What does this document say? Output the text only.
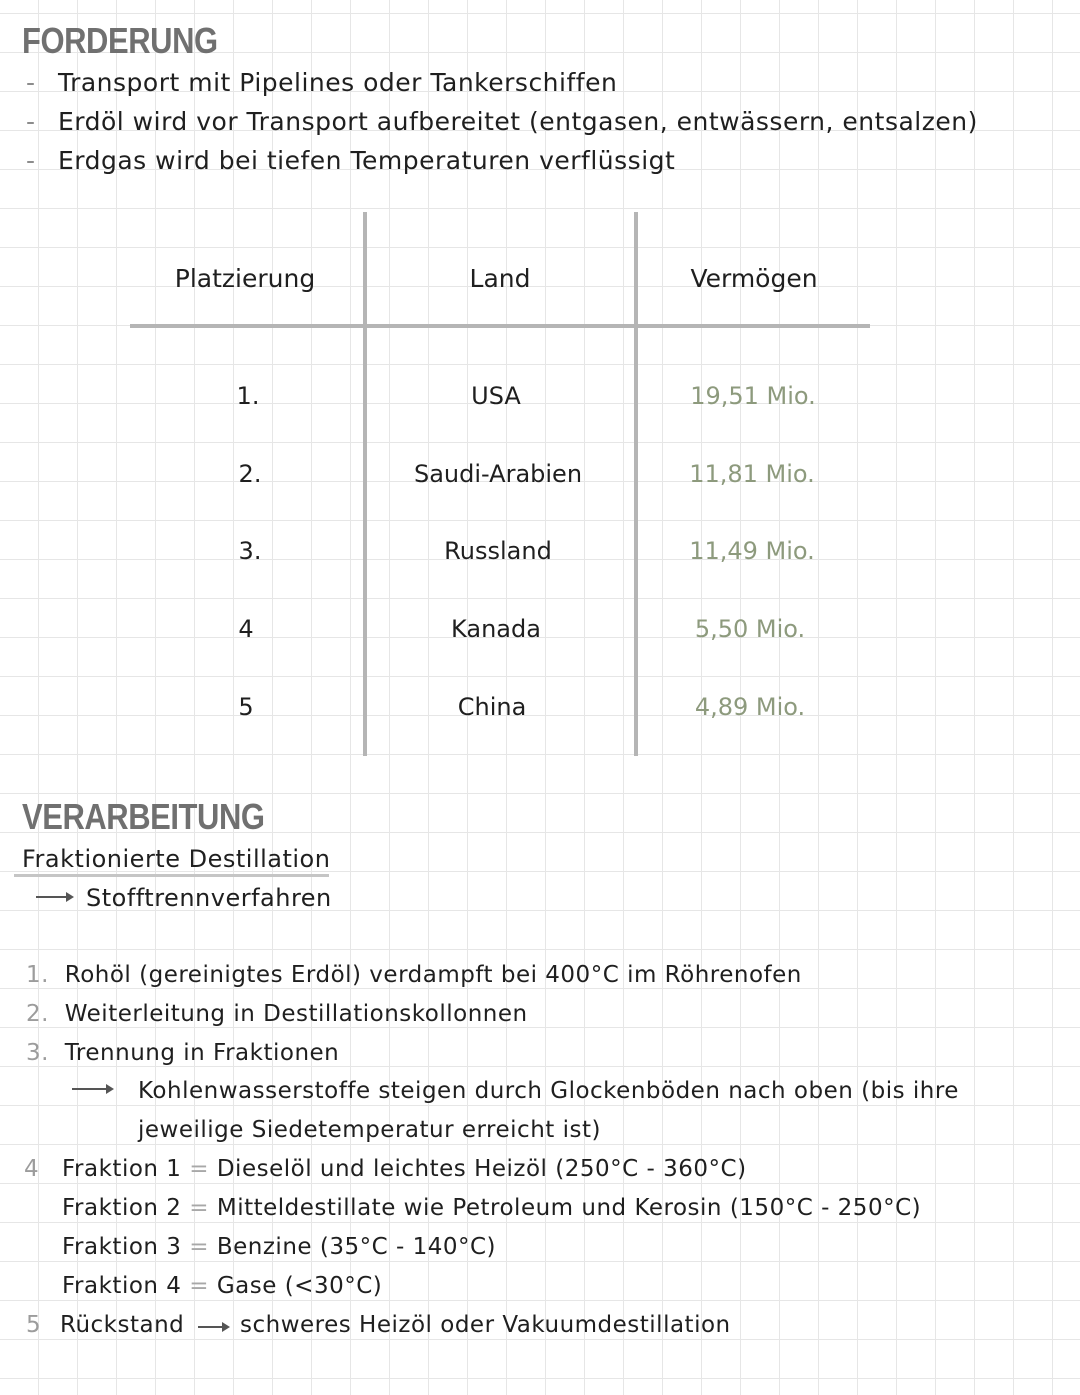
FORDERUNG
- Transport mit Pipelines oder Tankerschiffen
- Erdöl wird vor Transport aufbereitet (entgasen, entwässern, entsalzen)
- Erdgas wird bei tiefen Temperaturen verflüssigt
Platzierung	Land	Vermögen
1.	USA	19,51 Mio.
2.	Saudi-Arabien	11,81 Mio.
3.	Russland	11,49 Mio.
4	Kanada	5,50 Mio.
5	China	4,89 Mio.
VERARBEITUNG
Fraktionierte Destillation
Stofftrennverfahren
1. Rohöl (gereinigtes Erdöl) verdampft bei 400°C im Röhrenofen
2. Weiterleitung in Destillationskollonnen
3. Trennung in Fraktionen
Kohlenwasserstoffe steigen durch Glockenböden nach oben (bis ihre
jeweilige Siedetemperatur erreicht ist)
4 Fraktion 1 = Dieselöl und leichtes Heizöl (250°C - 360°C)
Fraktion 2 = Mitteldestillate wie Petroleum und Kerosin (150°C - 250°C)
Fraktion 3 = Benzine (35°C - 140°C)
Fraktion 4 = Gase (<30°C)
5 Rückstand schweres Heizöl oder Vakuumdestillation
